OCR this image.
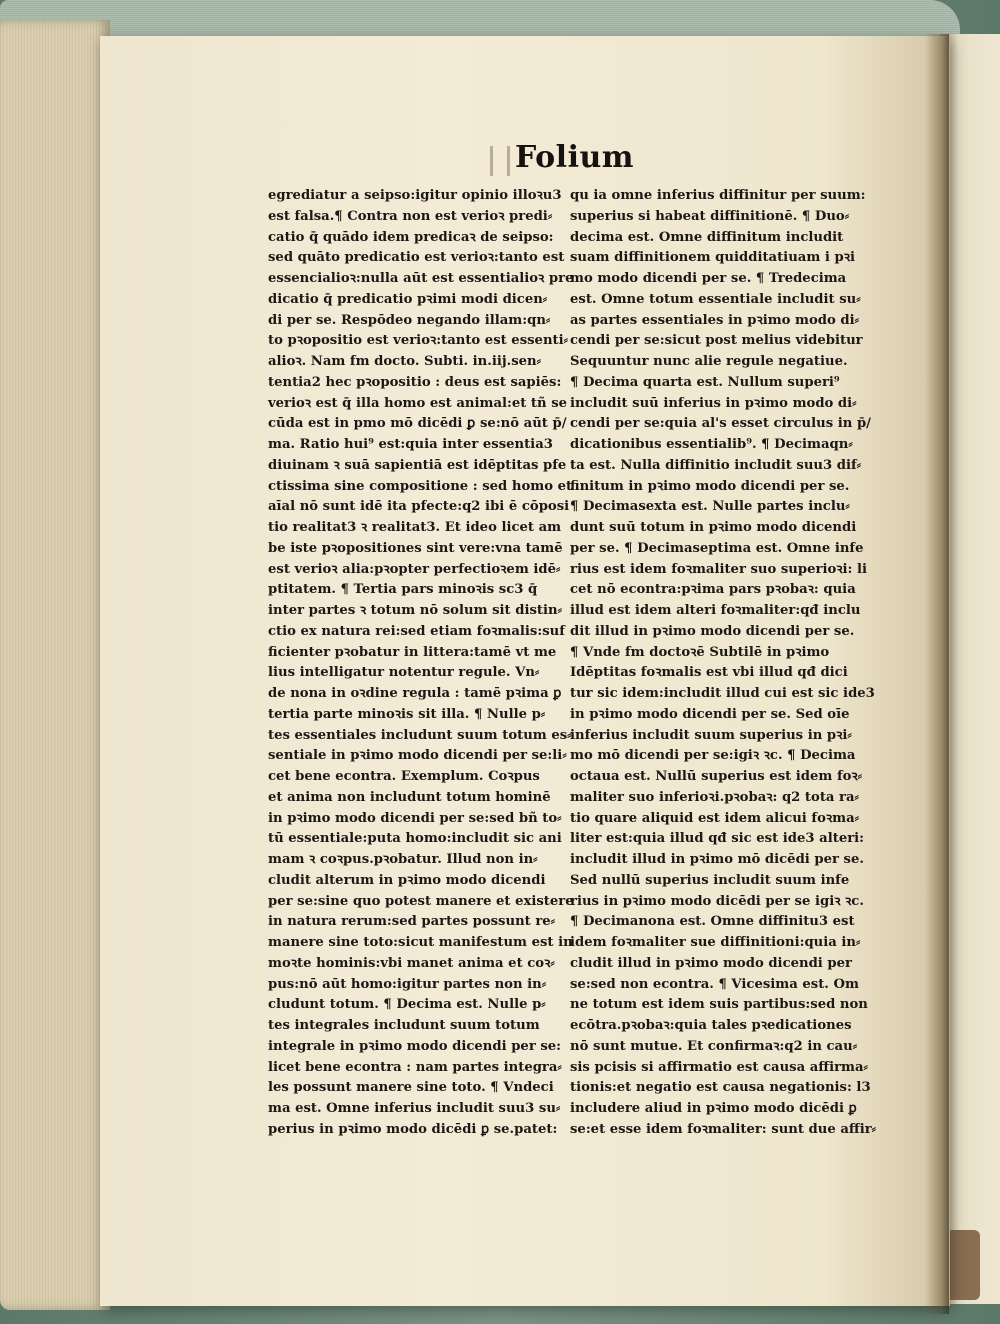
Folium
egrediatur a seipso:igitur opinio illoꝛu3
est falsa.¶ Contra non est verioꝛ predi⸗
catio q̄ quādo idem predicaꝛ de seipso:
sed quāto predicatio est verioꝛ:tanto est
essencialioꝛ:nulla aūt est essentialioꝛ pre
dicatio q̄ predicatio pꝛimi modi dicen⸗
di per se. Respōdeo negando illam:qn⸗
to pꝛopositio est verioꝛ:tanto est essenti⸗
alioꝛ. Nam fm docto. Subti. in.iij.sen⸗
tentia2 hec pꝛopositio : deus est sapiēs:
verioꝛ est q̄ illa homo est animal:et tñ se
cūda est in pmo mō dicēdi ꝑ se:nō aūt p̄/
ma. Ratio hui⁹ est:quia inter essentia3
diuinam ꝛ suā sapientiā est idēptitas pfe
ctissima sine compositione : sed homo et
aīal nō sunt idē ita pfecte:q2 ibi ē cōposi
tio realitat3 ꝛ realitat3. Et ideo licet am
be iste pꝛopositiones sint vere:vna tamē
est verioꝛ alia:pꝛopter perfectioꝛem idē⸗
ptitatem. ¶ Tertia pars minoꝛis sc3 q̄
inter partes ꝛ totum nō solum sit distin⸗
ctio ex natura rei:sed etiam foꝛmalis:suf
ficienter pꝛobatur in littera:tamē vt me
lius intelligatur notentur regule. Vn⸗
de nona in oꝛdine regula : tamē pꝛima ꝑ
tertia parte minoꝛis sit illa. ¶ Nulle p⸗
tes essentiales includunt suum totum es⸗
sentiale in pꝛimo modo dicendi per se:li⸗
cet bene econtra. Exemplum. Coꝛpus
et anima non includunt totum hominē
in pꝛimo modo dicendi per se:sed bñ to⸗
tū essentiale:puta homo:includit sic ani
mam ꝛ coꝛpus.pꝛobatur. Illud non in⸗
cludit alterum in pꝛimo modo dicendi
per se:sine quo potest manere et existere
in natura rerum:sed partes possunt re⸗
manere sine toto:sicut manifestum est in
moꝛte hominis:vbi manet anima et coꝛ⸗
pus:nō aūt homo:igitur partes non in⸗
cludunt totum. ¶ Decima est. Nulle p⸗
tes integrales includunt suum totum
integrale in pꝛimo modo dicendi per se:
licet bene econtra : nam partes integra⸗
les possunt manere sine toto. ¶ Vndeci
ma est. Omne inferius includit suu3 su⸗
perius in pꝛimo modo dicēdi ꝑ se.patet:
qu ia omne inferius diffinitur per suum:
superius si habeat diffinitionē. ¶ Duo⸗
decima est. Omne diffinitum includit
suam diffinitionem quidditatiuam i pꝛi
mo modo dicendi per se. ¶ Tredecima
est. Omne totum essentiale includit su⸗
as partes essentiales in pꝛimo modo di⸗
cendi per se:sicut post melius videbitur
Sequuntur nunc alie regule negatiue.
¶ Decima quarta est. Nullum superi⁹
includit suū inferius in pꝛimo modo di⸗
cendi per se:quia al's esset circulus in p̄/
dicationibus essentialib⁹. ¶ Decimaqn⸗
ta est. Nulla diffinitio includit suu3 dif⸗
finitum in pꝛimo modo dicendi per se.
¶ Decimasexta est. Nulle partes inclu⸗
dunt suū totum in pꝛimo modo dicendi
per se. ¶ Decimaseptima est. Omne infe
rius est idem foꝛmaliter suo superioꝛi: li
cet nō econtra:pꝛima pars pꝛobaꝛ: quia
illud est idem alteri foꝛmaliter:qđ inclu
dit illud in pꝛimo modo dicendi per se.
¶ Vnde fm doctoꝛē Subtilē in pꝛimo
Idēptitas foꝛmalis est vbi illud qđ dici
tur sic idem:includit illud cui est sic ide3
in pꝛimo modo dicendi per se. Sed oīe
inferius includit suum superius in pꝛi⸗
mo mō dicendi per se:igiꝛ ꝛc. ¶ Decima
octaua est. Nullū superius est idem foꝛ⸗
maliter suo inferioꝛi.pꝛobaꝛ: q2 tota ra⸗
tio quare aliquid est idem alicui foꝛma⸗
liter est:quia illud qđ sic est ide3 alteri:
includit illud in pꝛimo mō dicēdi per se.
Sed nullū superius includit suum infe
rius in pꝛimo modo dicēdi per se igiꝛ ꝛc.
¶ Decimanona est. Omne diffinitu3 est
idem foꝛmaliter sue diffinitioni:quia in⸗
cludit illud in pꝛimo modo dicendi per
se:sed non econtra. ¶ Vicesima est. Om
ne totum est idem suis partibus:sed non
ecōtra.pꝛobaꝛ:quia tales pꝛedicationes
nō sunt mutue. Et confirmaꝛ:q2 in cau⸗
sis pcisis si affirmatio est causa affirma⸗
tionis:et negatio est causa negationis: l3
includere aliud in pꝛimo modo dicēdi ꝑ
se:et esse idem foꝛmaliter: sunt due affir⸗
